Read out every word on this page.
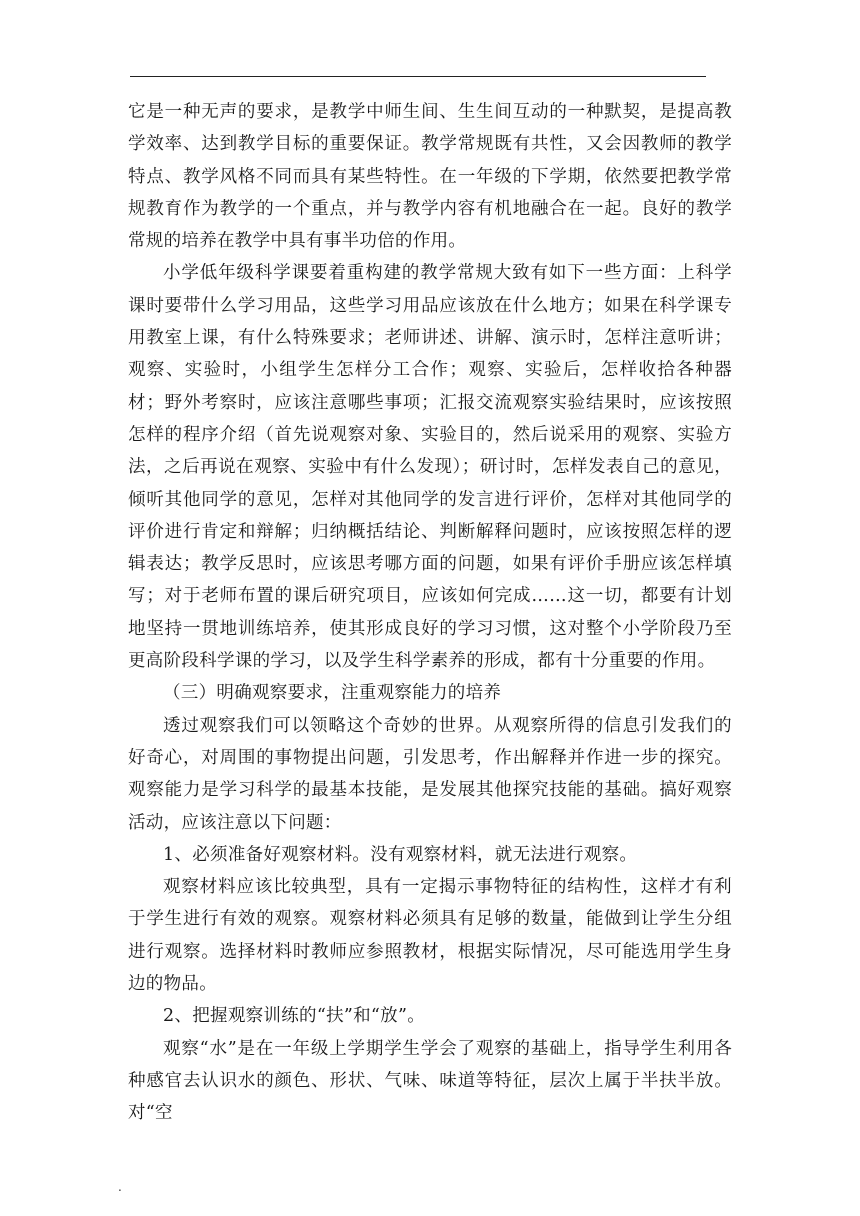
它是一种无声的要求，是教学中师生间、生生间互动的一种默契，是提高教学效率、达到教学目标的重要保证。教学常规既有共性，又会因教师的教学特点、教学风格不同而具有某些特性。在一年级的下学期，依然要把教学常规教育作为教学的一个重点，并与教学内容有机地融合在一起。良好的教学常规的培养在教学中具有事半功倍的作用。

小学低年级科学课要着重构建的教学常规大致有如下一些方面：上科学课时要带什么学习用品，这些学习用品应该放在什么地方；如果在科学课专用教室上课，有什么特殊要求；老师讲述、讲解、演示时，怎样注意听讲；观察、实验时，小组学生怎样分工合作；观察、实验后，怎样收拾各种器材；野外考察时，应该注意哪些事项；汇报交流观察实验结果时，应该按照怎样的程序介绍（首先说观察对象、实验目的，然后说采用的观察、实验方法，之后再说在观察、实验中有什么发现）；研讨时，怎样发表自己的意见，倾听其他同学的意见，怎样对其他同学的发言进行评价，怎样对其他同学的评价进行肯定和辩解；归纳概括结论、判断解释问题时，应该按照怎样的逻辑表达；教学反思时，应该思考哪方面的问题，如果有评价手册应该怎样填写；对于老师布置的课后研究项目，应该如何完成……这一切，都要有计划地坚持一贯地训练培养，使其形成良好的学习习惯，这对整个小学阶段乃至更高阶段科学课的学习，以及学生科学素养的形成，都有十分重要的作用。

（三）明确观察要求，注重观察能力的培养

透过观察我们可以领略这个奇妙的世界。从观察所得的信息引发我们的好奇心，对周围的事物提出问题，引发思考，作出解释并作进一步的探究。观察能力是学习科学的最基本技能，是发展其他探究技能的基础。搞好观察活动，应该注意以下问题：

1、必须准备好观察材料。没有观察材料，就无法进行观察。

观察材料应该比较典型，具有一定揭示事物特征的结构性，这样才有利于学生进行有效的观察。观察材料必须具有足够的数量，能做到让学生分组进行观察。选择材料时教师应参照教材，根据实际情况，尽可能选用学生身边的物品。

2、把握观察训练的“扶”和“放”。

观察“水”是在一年级上学期学生学会了观察的基础上，指导学生利用各种感官去认识水的颜色、形状、气味、味道等特征，层次上属于半扶半放。对“空

.
